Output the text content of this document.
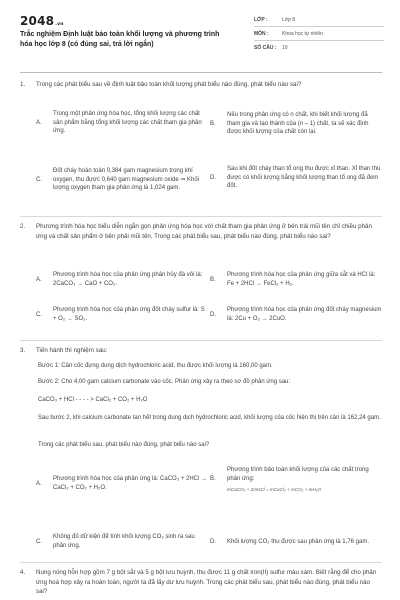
2048.vn
Trắc nghiệm Định luật bảo toàn khối lượng và phương trình hóa học lớp 8 (có đúng sai, trả lời ngắn)
LỚP :	Lớp 8
MÔN :	Khoa học tự nhiên
SỐ CÂU :	10
1.	Trong các phát biểu sau về định luật bảo toàn khối lượng phát biểu nào đúng, phát biểu nào sai?
A.
Trong một phản ứng hóa học, tổng khối lượng các chất sản phẩm bằng tổng khối lượng các chất tham gia phản ứng.
B.
Nếu trong phản ứng có n chất, khi biết khối lượng đã tham gia và tạo thành của (n – 1) chất, ta sẽ xác định được khối lượng của chất còn lại.
C.
Đốt cháy hoàn toàn 0,384 gam magnesium trong khí oxygen, thu được 0,640 gam magnesium oxide ⇒ Khối lượng oxygen tham gia phản ứng là 1,024 gam.
D.
Sau khi đốt cháy than tổ ong thu được xỉ than. Xỉ than thu được có khối lượng bằng khối lượng than tổ ong đã đem đốt.
2.	Phương trình hóa học biểu diễn ngắn gọn phản ứng hóa học với chất tham gia phản ứng ở bên trái mũi tên chỉ chiều phản ứng và chất sản phẩm ở bên phải mũi tên. Trong các phát biểu sau, phát biểu nào đúng, phát biểu nào sai?
A.
Phương trình hóa học của phản ứng phân hủy đá vôi là: 2CaCO₃ → CaO + CO₂.
B.
Phương trình hóa học của phản ứng giữa sắt và HCl là: Fe + 2HCl → FeCl₂ + H₂.
C.
Phương trình hóa học của phản ứng đốt cháy sulfur là: S + O₂ → SO₂.
D.
Phương trình hóa học của phản ứng đốt cháy magnesium là: 2Cu + O₂ → 2CuO.
3.	Tiến hành thí nghiệm sau:
Bước 1: Cân cốc đựng dung dịch hydrochloric acid, thu được khối lượng là 160,00 gam.
Bước 2: Cho 4,00 gam calcium carbonate vào cốc. Phản ứng xảy ra theo sơ đồ phản ứng sau:
CaCO₃ + HCl - - - - > CaCl₂ + CO₂ + H₂O
Sau bước 2, khi calcium carbonate tan hết trong dung dịch hydrochloric acid, khối lượng của cốc hiện thị trên cân là 162,24 gam.
Trong các phát biểu sau, phát biểu nào đúng, phát biểu nào sai?
A.
Phương trình hóa học của phản ứng là: CaCO₃ + 2HCl → CaCl₂ + CO₂ + H₂O.
B.
Phương trình bảo toàn khối lượng của các chất trong phản ứng:
mCaCO₃ + 2mHCl = mCaCl₂ + mCO₂ + mH₂O
C.
Không đủ dữ kiện để tính khối lượng CO₂ sinh ra sau phản ứng.
D.	Khối lượng CO₂ thu được sau phản ứng là 1,76 gam.
4.	Nung nóng hỗn hợp gồm 7 g bột sắt và 5 g bột lưu huỳnh, thu được 11 g chất iron(II) sulfur màu xám. Biết rằng để cho phản ứng hoá hợp xảy ra hoàn toàn, người ta đã lấy dư lưu huỳnh. Trong các phát biểu sau, phát biểu nào đúng, phát biểu nào sai?
